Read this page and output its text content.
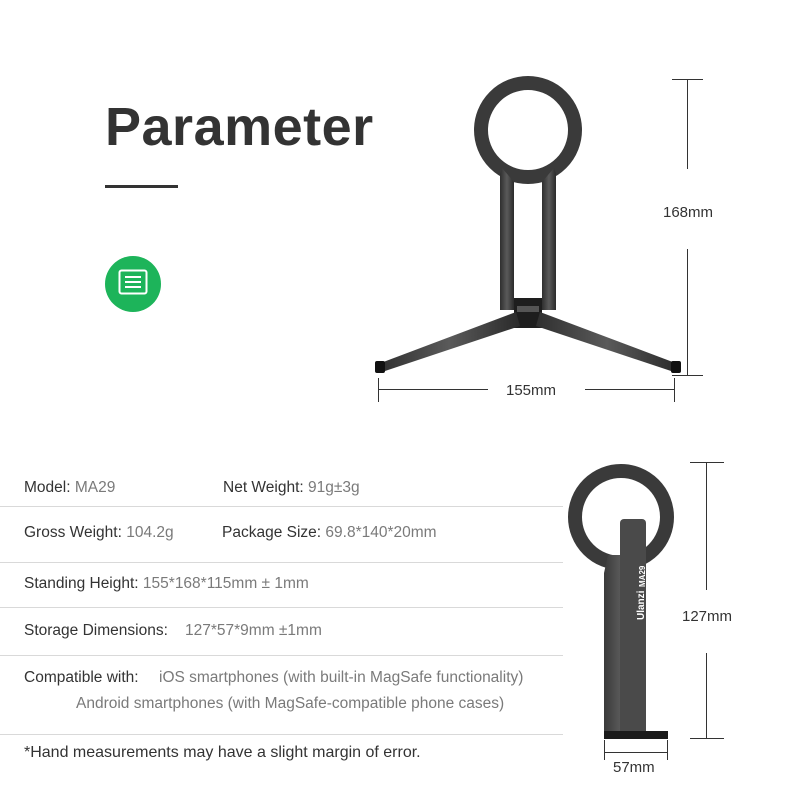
Parameter
168mm
155mm
Ulanzi
MA29
127mm
57mm
Model: MA29	Net Weight: 91g±3g
Gross Weight: 104.2g	Package Size: 69.8*140*20mm
Standing Height: 155*168*115mm ± 1mm
Storage Dimensions: 127*57*9mm ±1mm
Compatible with: iOS smartphones (with built-in MagSafe functionality)
Android smartphones (with MagSafe-compatible phone cases)
*Hand measurements may have a slight margin of error.
